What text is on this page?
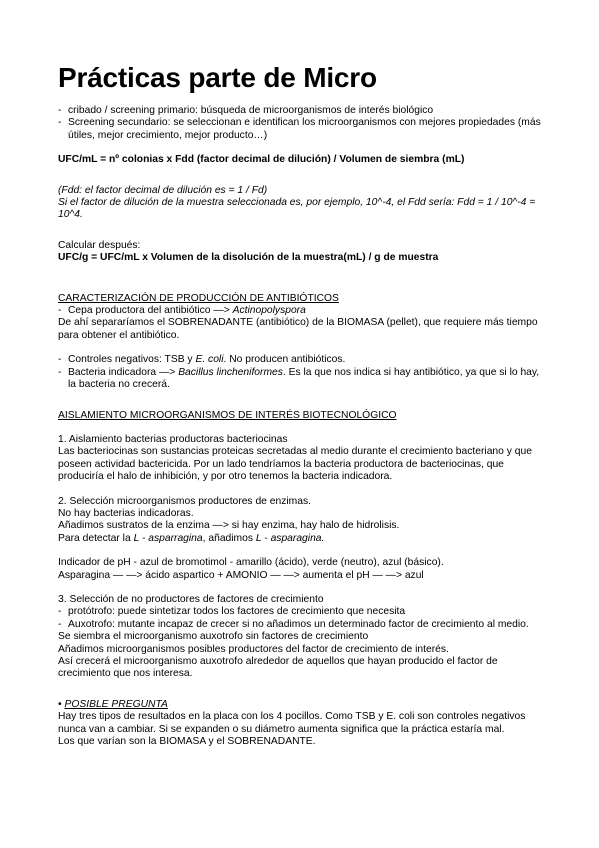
Prácticas parte de Micro

- cribado / screening primario: búsqueda de microorganismos de interés biológico

- Screening secundario: se seleccionan e identifican los microorganismos con mejores propiedades (más útiles, mejor crecimiento, mejor producto…)

UFC/mL = nº colonias x Fdd (factor decimal de dilución) / Volumen de siembra (mL)

(Fdd: el factor decimal de dilución es = 1 / Fd)

Si el factor de dilución de la muestra seleccionada es, por ejemplo, 10^-4, el Fdd sería: Fdd = 1 / 10^-4 = 10^4.

Calcular después:

UFC/g = UFC/mL x Volumen de la disolución de la muestra(mL) / g de muestra

CARACTERIZACIÓN DE PRODUCCIÓN DE ANTIBIÓTICOS

- Cepa productora del antibiótico —> Actinopolyspora

De ahí separaríamos el SOBRENADANTE (antibiótico) de la BIOMASA (pellet), que requiere más tiempo para obtener el antibiótico.

- Controles negativos: TSB y E. coli. No producen antibióticos.

- Bacteria indicadora —> Bacillus lincheniformes. Es la que nos indica si hay antibiótico, ya que si lo hay, la bacteria no crecerá.

AISLAMIENTO MICROORGANISMOS DE INTERÉS BIOTECNOLÓGICO

1. Aislamiento bacterias productoras bacteriocinas

Las bacteriocinas son sustancias proteicas secretadas al medio durante el crecimiento bacteriano y que poseen actividad bactericida. Por un lado tendríamos la bacteria productora de bacteriocinas, que produciría el halo de inhibición, y por otro tenemos la bacteria indicadora.

2. Selección microorganismos productores de enzimas.

No hay bacterias indicadoras.

Añadimos sustratos de la enzima —> si hay enzima, hay halo de hidrolisis.

Para detectar la L - asparragina, añadimos L - asparagina.

Indicador de pH - azul de bromotimol - amarillo (ácido), verde (neutro), azul (básico).

Asparagina — —> ácido aspartico + AMONIO — —> aumenta el pH — —> azul

3. Selección de no productores de factores de crecimiento

- protótrofo: puede sintetizar todos los factores de crecimiento que necesita

- Auxotrofo: mutante incapaz de crecer si no añadimos un determinado factor de crecimiento al medio.

Se siembra el microorganismo auxotrofo sin factores de crecimiento

Añadimos microorganismos posibles productores del factor de crecimiento de interés.

Así crecerá el microorganismo auxotrofo alrededor de aquellos que hayan producido el factor de crecimiento que nos interesa.

• POSIBLE PREGUNTA

Hay tres tipos de resultados en la placa con los 4 pocillos. Como TSB y E. coli son controles negativos nunca van a cambiar. Si se expanden o su diámetro aumenta significa que la práctica estaría mal.

Los que varían son la BIOMASA y el SOBRENADANTE.
